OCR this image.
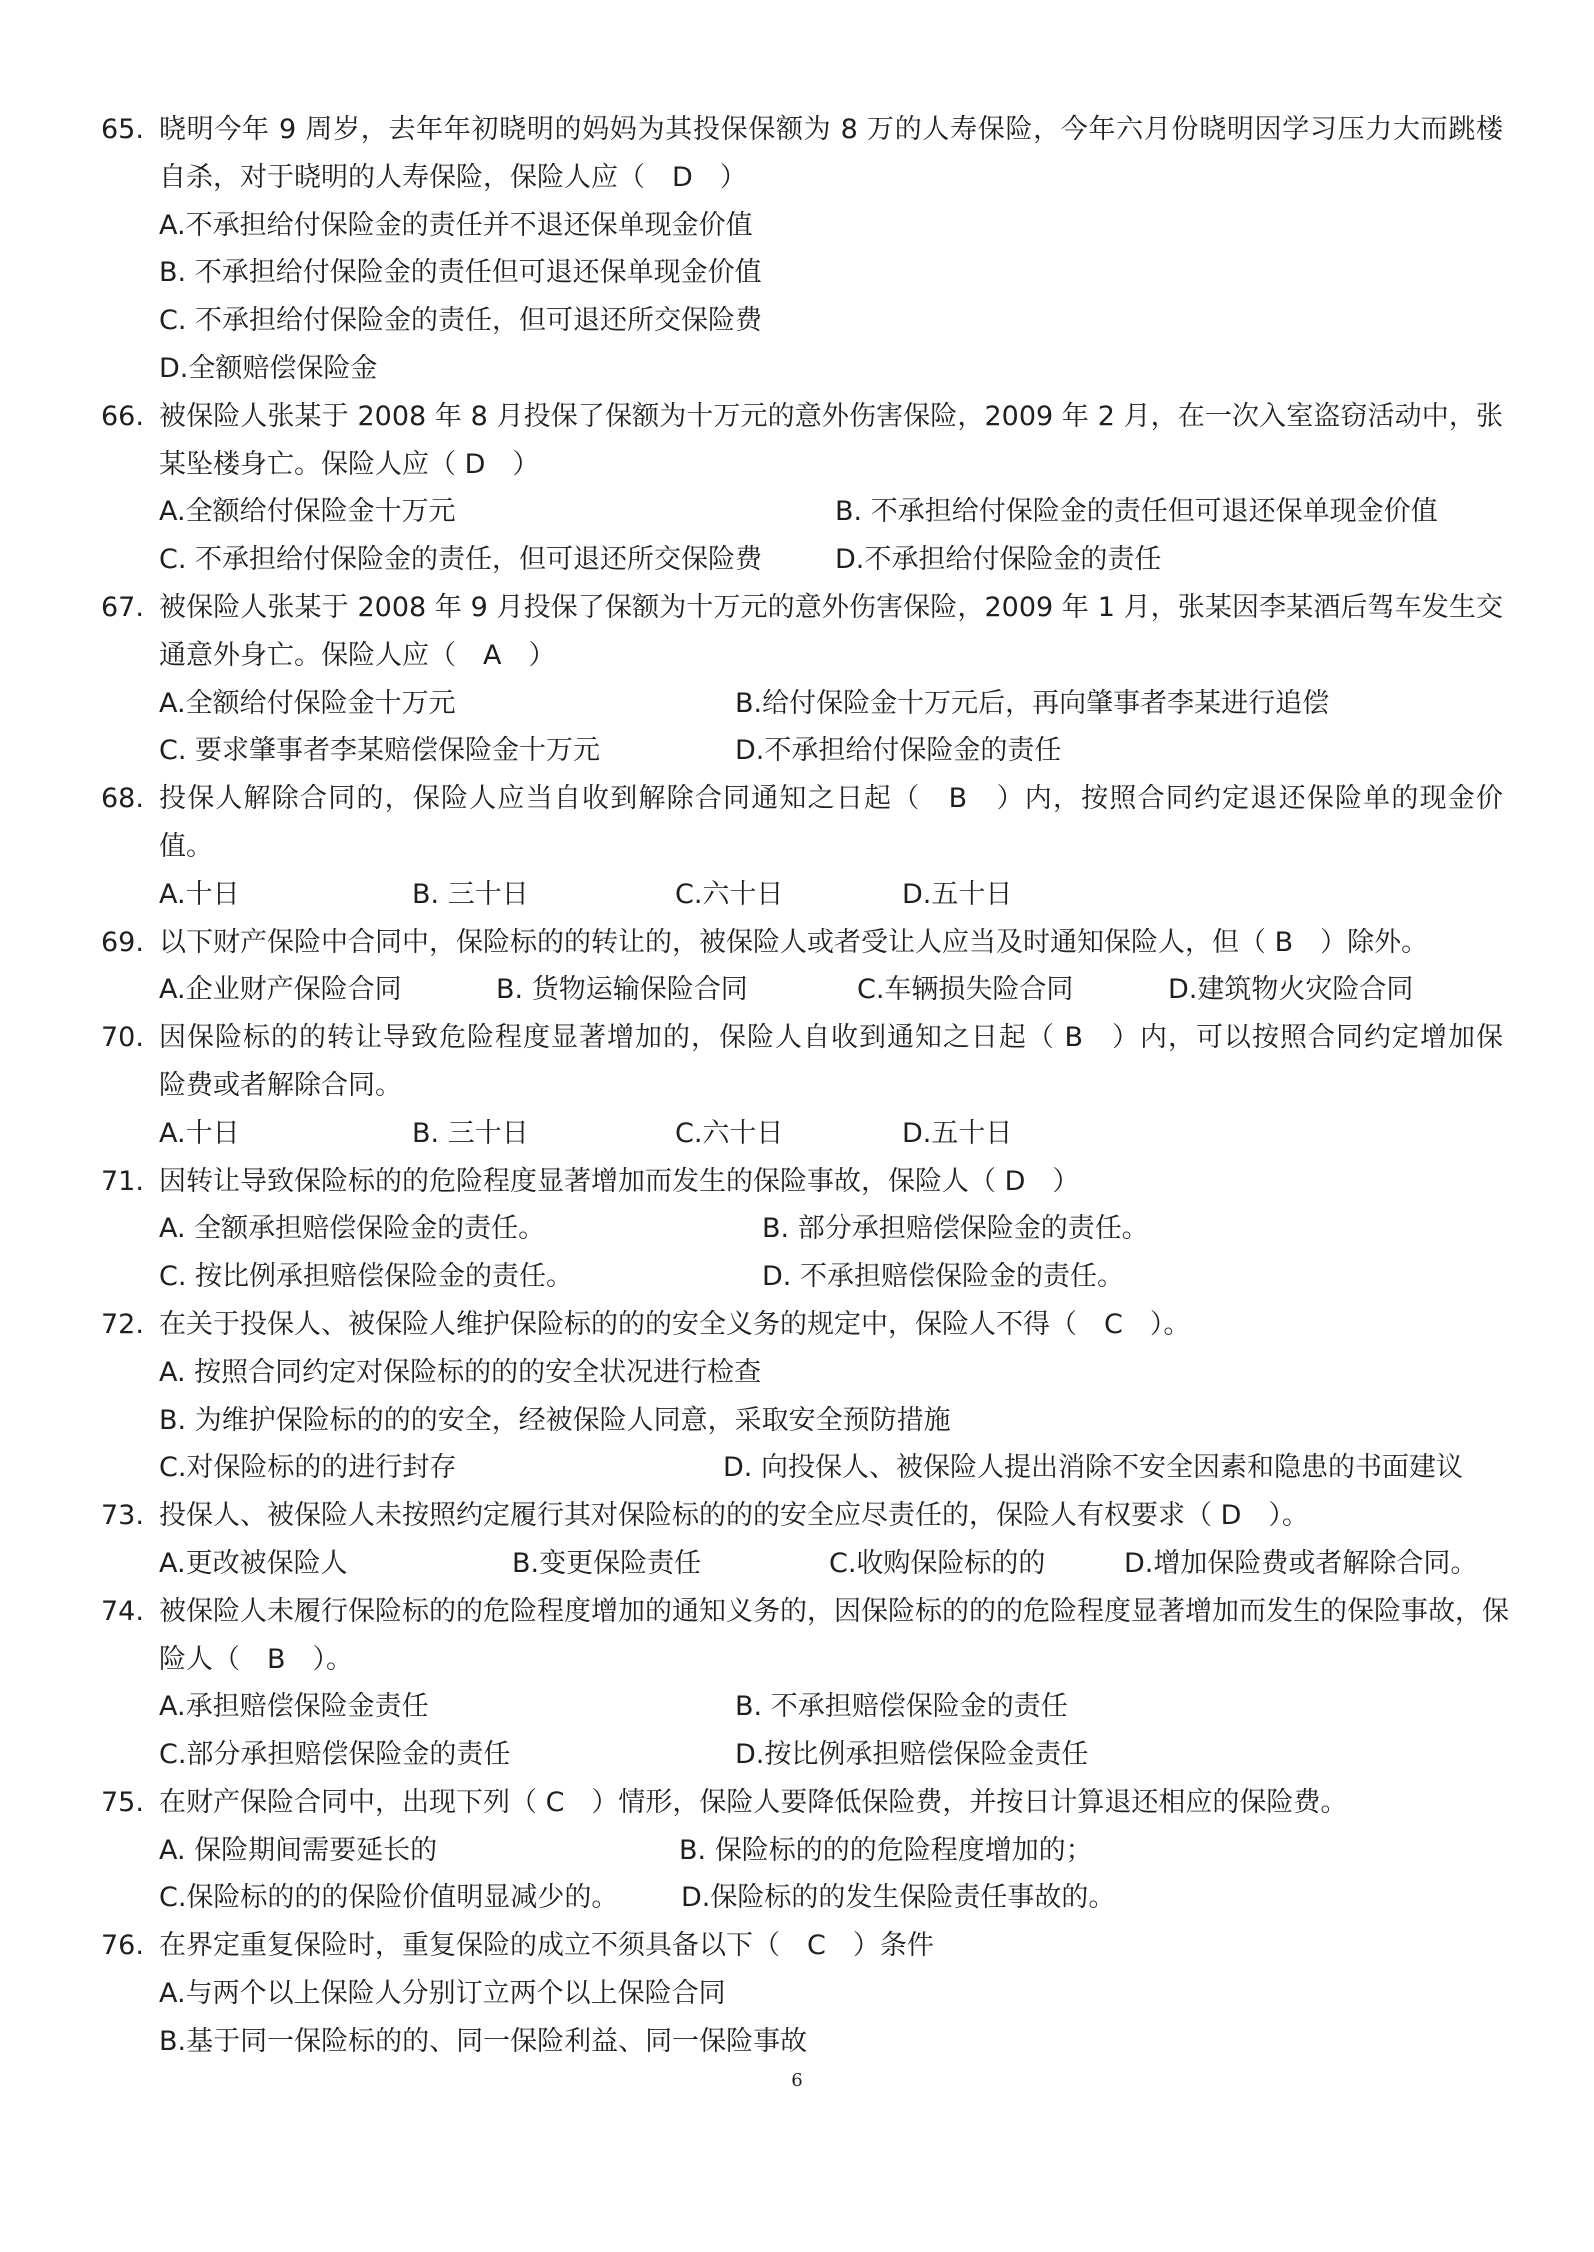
65. 晓明今年 9 周岁，去年年初晓明的妈妈为其投保保额为 8 万的人寿保险，今年六月份晓明因学习压力大而跳楼
自杀，对于晓明的人寿保险，保险人应（　D　）
A.不承担给付保险金的责任并不退还保单现金价值
B. 不承担给付保险金的责任但可退还保单现金价值
C. 不承担给付保险金的责任，但可退还所交保险费
D.全额赔偿保险金
66. 被保险人张某于 2008 年 8 月投保了保额为十万元的意外伤害保险，2009 年 2 月，在一次入室盗窃活动中，张
某坠楼身亡。保险人应（ D　）
A.全额给付保险金十万元	B. 不承担给付保险金的责任但可退还保单现金价值
C. 不承担给付保险金的责任，但可退还所交保险费	D.不承担给付保险金的责任
67. 被保险人张某于 2008 年 9 月投保了保额为十万元的意外伤害保险，2009 年 1 月，张某因李某酒后驾车发生交
通意外身亡。保险人应（　A　）
A.全额给付保险金十万元	B.给付保险金十万元后，再向肇事者李某进行追偿
C. 要求肇事者李某赔偿保险金十万元	D.不承担给付保险金的责任
68. 投保人解除合同的，保险人应当自收到解除合同通知之日起（　B　）内，按照合同约定退还保险单的现金价
值。
A.十日	B. 三十日	C.六十日	D.五十日
69. 以下财产保险中合同中，保险标的的转让的，被保险人或者受让人应当及时通知保险人，但（ B　）除外。
A.企业财产保险合同	B. 货物运输保险合同	C.车辆损失险合同	D.建筑物火灾险合同
70. 因保险标的的转让导致危险程度显著增加的，保险人自收到通知之日起（ B　）内，可以按照合同约定增加保
险费或者解除合同。
A.十日	B. 三十日	C.六十日	D.五十日
71. 因转让导致保险标的的危险程度显著增加而发生的保险事故，保险人（ D　）
A. 全额承担赔偿保险金的责任。	B. 部分承担赔偿保险金的责任。
C. 按比例承担赔偿保险金的责任。	D. 不承担赔偿保险金的责任。
72. 在关于投保人、被保险人维护保险标的的的安全义务的规定中，保险人不得（　C　）。
A. 按照合同约定对保险标的的的安全状况进行检查
B. 为维护保险标的的的安全，经被保险人同意，采取安全预防措施
C.对保险标的的进行封存	D. 向投保人、被保险人提出消除不安全因素和隐患的书面建议
73. 投保人、被保险人未按照约定履行其对保险标的的的安全应尽责任的，保险人有权要求（ D　）。
A.更改被保险人	B.变更保险责任	C.收购保险标的的	D.增加保险费或者解除合同。
74. 被保险人未履行保险标的的危险程度增加的通知义务的，因保险标的的的危险程度显著增加而发生的保险事故，保
险人（　B　）。
A.承担赔偿保险金责任	B. 不承担赔偿保险金的责任
C.部分承担赔偿保险金的责任	D.按比例承担赔偿保险金责任
75. 在财产保险合同中，出现下列（ C　）情形，保险人要降低保险费，并按日计算退还相应的保险费。
A. 保险期间需要延长的	B. 保险标的的的危险程度增加的；
C.保险标的的的保险价值明显减少的。 D.保险标的的发生保险责任事故的。
76. 在界定重复保险时，重复保险的成立不须具备以下（　C　）条件
A.与两个以上保险人分别订立两个以上保险合同
B.基于同一保险标的的、同一保险利益、同一保险事故
6
